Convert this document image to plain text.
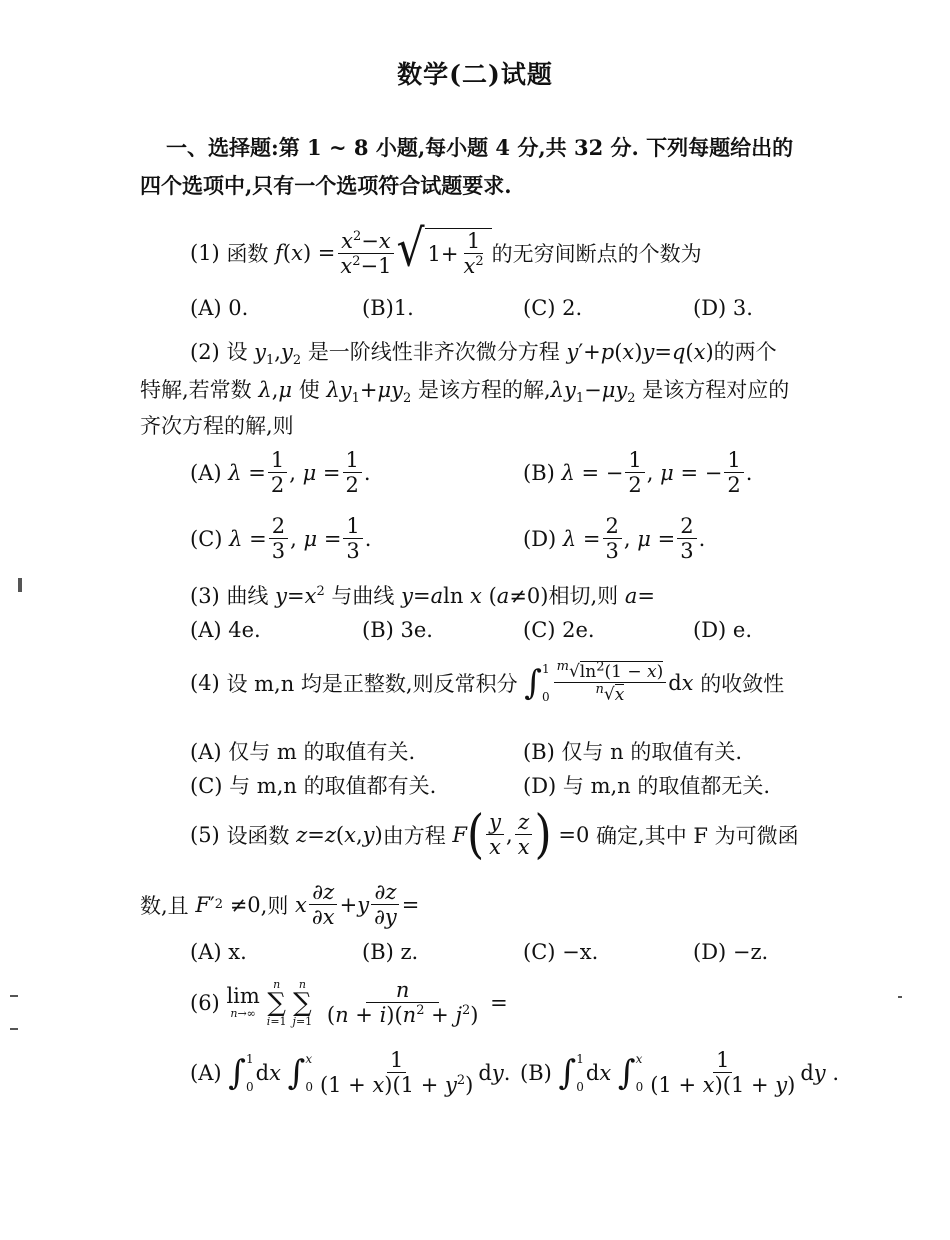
数学(二)试题
一、选择题:第 1 ~ 8 小题,每小题 4 分,共 32 分. 下列每题给出的
四个选项中,只有一个选项符合试题要求.
(1)
函数 f ( x ) = $\frac{x^2-x}{x^2-1}$ √ $1+ \frac{1}{x^2}$ 的无穷间断点的个数为
(A) 0.	(B)1.	(C) 2.	(D) 3.
(2) 设 $y_1,y_2$ 是一阶线性非齐次微分方程 y′+p(x)y=q(x)的两个
特解,若常数 λ,μ 使 $\lambda y_1+\mu y_2$ 是该方程的解$,\lambda y_1-\mu y_2$ 是该方程对应的
齐次方程的解,则
(A)
$\lambda = \frac{1}{2}$ , $\mu = \frac{1}{2}$ .	(B)
λ = − $\frac{1}{2}$ , μ = − $\frac{1}{2}$ .
(C)
$\lambda = \frac{2}{3}$ , $\mu = \frac{1}{3}$ .	(D)
$\lambda = \frac{2}{3}$ , $\mu = \frac{2}{3}$ .
(3) 曲线 $y=x^2$ 与曲线 y=aln x (a≠0)相切,则 a=
(A) 4e.	(B) 3e.	(C) 2e.	(D) e.
(4)
设 m,n 均是正整数,则反常积分
∫ 1
$0 \frac{^m√\ln^2(1 - x)}{^n√x}$ d x
的收敛性
(A) 仅与 m 的取值有关.	(B) 仅与 n 的取值有关.
(C) 与 m,n 的取值都有关.	(D) 与 m,n 的取值都无关.
(5)
设函数
z = z ( x , y ) 由方程
F ( $\frac{y}{x}$ , $\frac{z}{x}$ ) =0 确定,其中 F 为可微函
数,且
F ′ 2 ≠0 ,则
x $\frac{\partial z}{\partial x} + y \frac{\partial z}{\partial y}$ =
(A) x.	(B) z.	(C) −x.	(D) −z.
(6)
lim
n→∞
n
∑
i=1
n
∑
j=1
$\frac{n}{(n + i)(n^2 + j^2)}$ =
(A)
∫ 1
0
d x
∫ x
$0 \frac{1}{(1 + x)(1 + y^2)}$ d y . (B)
∫ 1
0
d x
∫ x
$0 \frac{1}{(1 + x)(1 + y)}$ d y .
